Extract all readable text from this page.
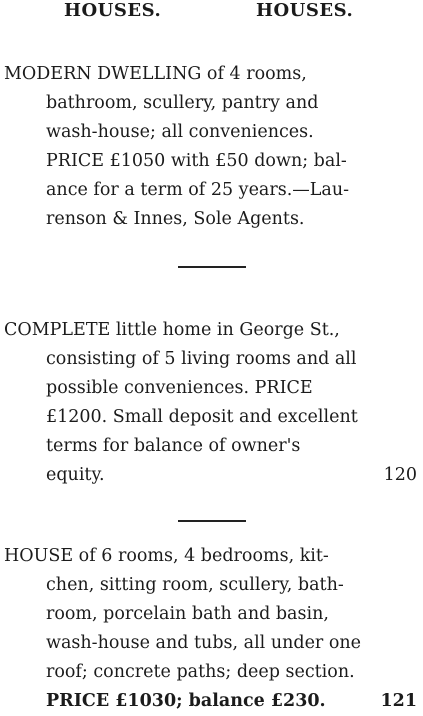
HOUSES.	HOUSES.
MODERN DWELLING of 4 rooms,
bathroom, scullery, pantry and
wash-house; all conveniences.
PRICE £1050 with £50 down; bal-
ance for a term of 25 years.—Lau-
renson & Innes, Sole Agents.
COMPLETE little home in George St.,
consisting of 5 living rooms and all
possible conveniences. PRICE
£1200. Small deposit and excellent
terms for balance of owner's
equity.	120
HOUSE of 6 rooms, 4 bedrooms, kit-
chen, sitting room, scullery, bath-
room, porcelain bath and basin,
wash-house and tubs, all under one
roof; concrete paths; deep section.
PRICE £1030; balance £230.	121
